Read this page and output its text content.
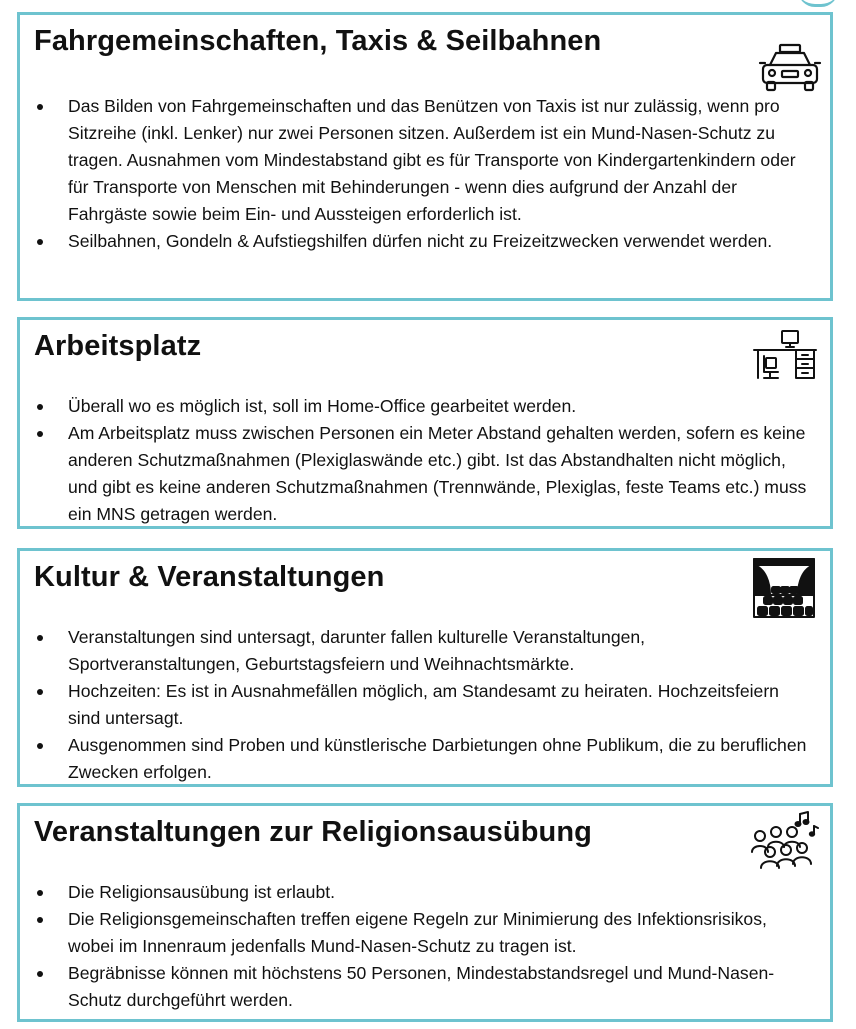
Fahrgemeinschaften, Taxis & Seilbahnen
Das Bilden von Fahrgemeinschaften und das Benützen von Taxis ist nur zulässig, wenn pro Sitzreihe (inkl. Lenker) nur zwei Personen sitzen. Außerdem ist ein Mund-Nasen-Schutz zu tragen. Ausnahmen vom Mindestabstand gibt es für Transporte von Kindergartenkindern oder für Transporte von Menschen mit Behinderungen - wenn dies aufgrund der Anzahl der Fahrgäste sowie beim Ein- und Aussteigen erforderlich ist.
Seilbahnen, Gondeln & Aufstiegshilfen dürfen nicht zu Freizeitzwecken verwendet werden.
Arbeitsplatz
Überall wo es möglich ist, soll im Home-Office gearbeitet werden.
Am Arbeitsplatz muss zwischen Personen ein Meter Abstand gehalten werden, sofern es keine anderen Schutzmaßnahmen (Plexiglaswände etc.) gibt. Ist das Abstandhalten nicht möglich, und gibt es keine anderen Schutzmaßnahmen (Trennwände, Plexiglas, feste Teams etc.) muss ein MNS getragen werden.
Kultur & Veranstaltungen
Veranstaltungen sind untersagt, darunter fallen kulturelle Veranstaltungen, Sportveranstaltungen, Geburtstagsfeiern und Weihnachtsmärkte.
Hochzeiten: Es ist in Ausnahmefällen möglich, am Standesamt zu heiraten. Hochzeitsfeiern sind untersagt.
Ausgenommen sind Proben und künstlerische Darbietungen ohne Publikum, die zu beruflichen Zwecken erfolgen.
Veranstaltungen zur Religionsausübung
Die Religionsausübung ist erlaubt.
Die Religionsgemeinschaften treffen eigene Regeln zur Minimierung des Infektionsrisikos, wobei im Innenraum jedenfalls Mund-Nasen-Schutz zu tragen ist.
Begräbnisse können mit höchstens 50 Personen, Mindestabstandsregel und Mund-Nasen-Schutz durchgeführt werden.
